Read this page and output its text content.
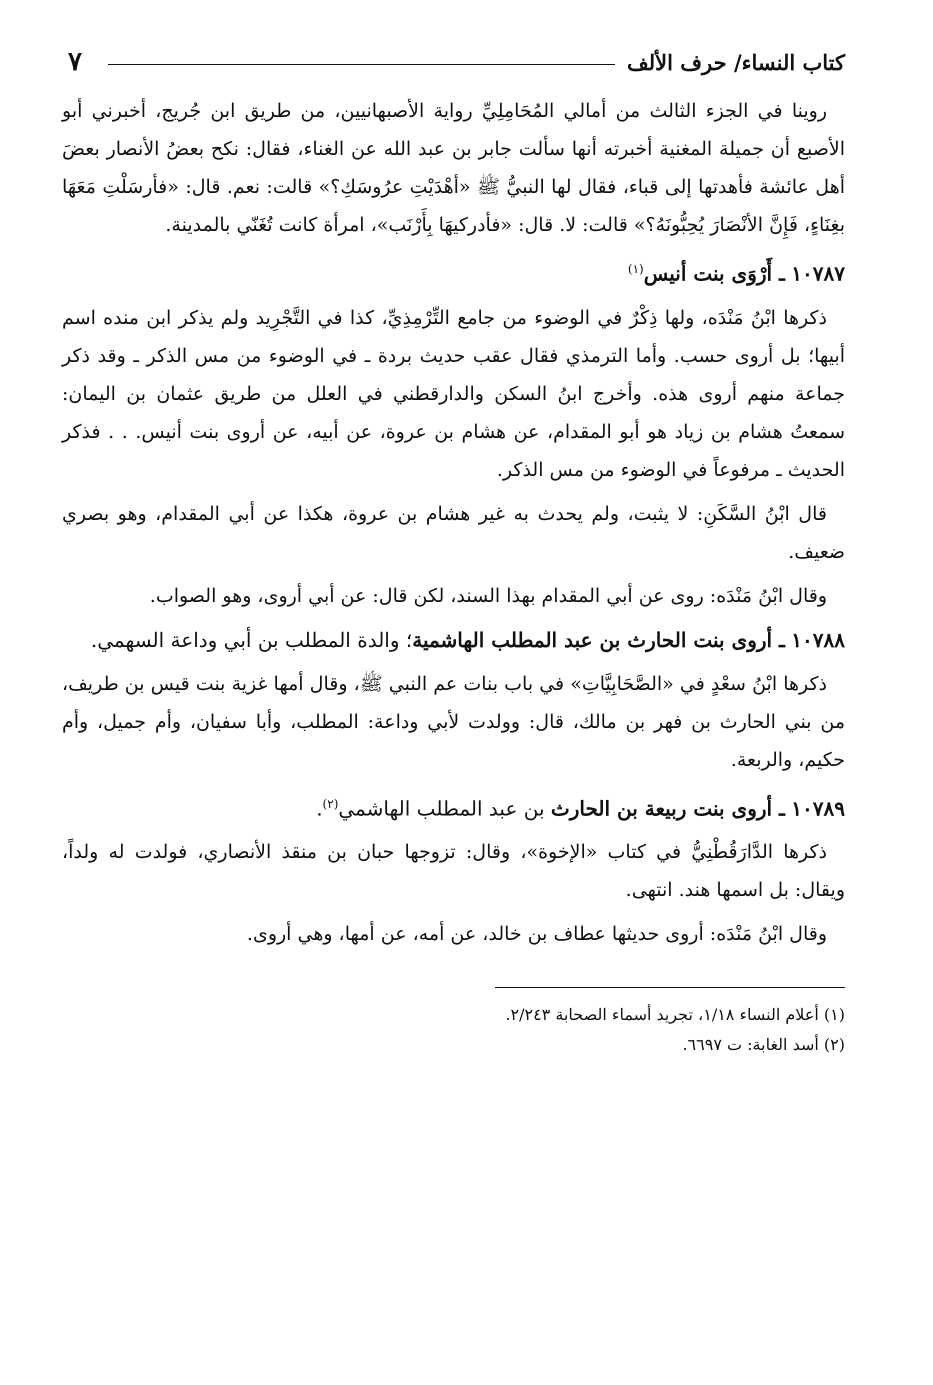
كتاب النساء/ حرف الألف
٧

روينا في الجزء الثالث من أمالي المُحَامِلِيِّ رواية الأصبهانيين، من طريق ابن جُريج، أخبرني أبو الأصبع أن جميلة المغنية أخبرته أنها سألت جابر بن عبد الله عن الغناء، فقال: نكح بعضُ الأنصار بعضَ أهل عائشة فأهدتها إلى قباء، فقال لها النبيُّ ﷺ «أهْدَيْتِ عرُوسَكِ؟» قالت: نعم. قال: «فأرسَلْتِ مَعَهَا بغِنَاءٍ، فَإِنَّ الأنْصَارَ يُحِبُّونَهُ؟» قالت: لا. قال: «فأدركيهَا بِأَرْنَب»، امرأة كانت تُغَنّي بالمدينة.

١٠٧٨٧ ـ أَرْوَى بنت أنيس$^{(١)}$

ذكرها ابْنُ مَنْدَه، ولها ذِكْرٌ في الوضوء من جامع التِّرْمِذِيِّ، كذا في التَّجْرِيد ولم يذكر ابن منده اسم أبيها؛ بل أروى حسب. وأما الترمذي فقال عقب حديث بردة ـ في الوضوء من مس الذكر ـ وقد ذكر جماعة منهم أروى هذه. وأخرج ابنُ السكن والدارقطني في العلل من طريق عثمان بن اليمان: سمعتُ هشام بن زياد هو أبو المقدام، عن هشام بن عروة، عن أبيه، عن أروى بنت أنيس. . . فذكر الحديث ـ مرفوعاً في الوضوء من مس الذكر.

قال ابْنُ السَّكَنِ: لا يثبت، ولم يحدث به غير هشام بن عروة، هكذا عن أبي المقدام، وهو بصري ضعيف.

وقال ابْنُ مَنْدَه: روى عن أبي المقدام بهذا السند، لكن قال: عن أبي أروى، وهو الصواب.

١٠٧٨٨ ـ أروى بنت الحارث بن عبد المطلب الهاشمية؛ والدة المطلب بن أبي وداعة السهمي.

ذكرها ابْنُ سعْدٍ في «الصَّحَابِيَّاتِ» في باب بنات عم النبي ﷺ، وقال أمها غزية بنت قيس بن طريف، من بني الحارث بن فهر بن مالك، قال: وولدت لأبي وداعة: المطلب، وأبا سفيان، وأم جميل، وأم حكيم، والربعة.

١٠٧٨٩ ـ أروى بنت ربيعة بن الحارث بن عبد المطلب الهاشمي$^{(٢)}$.

ذكرها الدَّارَقُطْنِيُّ في كتاب «الإخوة»، وقال: تزوجها حبان بن منقذ الأنصاري، فولدت له ولداً، ويقال: بل اسمها هند. انتهى.

وقال ابْنُ مَنْدَه: أروى حديثها عطاف بن خالد، عن أمه، عن أمها، وهي أروى.

(١) أعلام النساء ١/١٨، تجريد أسماء الصحابة ٢/٢٤٣.

(٢) أسد الغابة: ت ٦٦٩٧.
